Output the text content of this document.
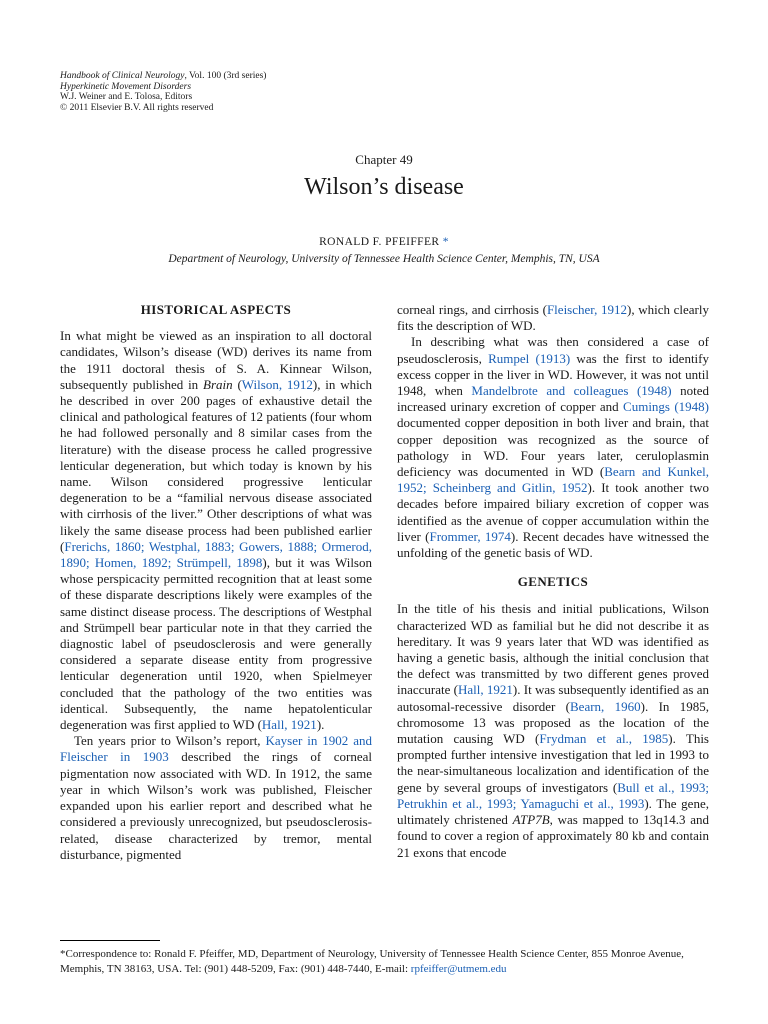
Handbook of Clinical Neurology, Vol. 100 (3rd series)
Hyperkinetic Movement Disorders
W.J. Weiner and E. Tolosa, Editors
© 2011 Elsevier B.V. All rights reserved
Chapter 49
Wilson’s disease
RONALD F. PFEIFFER *
Department of Neurology, University of Tennessee Health Science Center, Memphis, TN, USA
HISTORICAL ASPECTS

In what might be viewed as an inspiration to all doctoral candidates, Wilson’s disease (WD) derives its name from the 1911 doctoral thesis of S. A. Kinnear Wilson, subsequently published in Brain (Wilson, 1912), in which he described in over 200 pages of exhaustive detail the clinical and pathological features of 12 patients (four whom he had followed personally and 8 similar cases from the literature) with the disease process he called progressive lenticular degeneration, but which today is known by his name. Wilson considered progressive lenticular degeneration to be a “familial nervous disease associated with cirrhosis of the liver.” Other descriptions of what was likely the same disease process had been published earlier (Frerichs, 1860; Westphal, 1883; Gowers, 1888; Ormerod, 1890; Homen, 1892; Strümpell, 1898), but it was Wilson whose perspicacity permitted recognition that at least some of these disparate descriptions likely were examples of the same distinct disease process. The descriptions of Westphal and Strümpell bear particular note in that they carried the diagnostic label of pseudosclerosis and were generally considered a separate disease entity from progressive lenticular degeneration until 1920, when Spielmeyer concluded that the pathology of the two entities was identical. Subsequently, the name hepatolenticular degeneration was first applied to WD (Hall, 1921).

Ten years prior to Wilson’s report, Kayser in 1902 and Fleischer in 1903 described the rings of corneal pigmentation now associated with WD. In 1912, the same year in which Wilson’s work was published, Fleischer expanded upon his earlier report and described what he considered a previously unrecognized, but pseudosclerosis-related, disease characterized by tremor, mental disturbance, pigmented

corneal rings, and cirrhosis (Fleischer, 1912), which clearly fits the description of WD.

In describing what was then considered a case of pseudosclerosis, Rumpel (1913) was the first to identify excess copper in the liver in WD. However, it was not until 1948, when Mandelbrote and colleagues (1948) noted increased urinary excretion of copper and Cumings (1948) documented copper deposition in both liver and brain, that copper deposition was recognized as the source of pathology in WD. Four years later, ceruloplasmin deficiency was documented in WD (Bearn and Kunkel, 1952; Scheinberg and Gitlin, 1952). It took another two decades before impaired biliary excretion of copper was identified as the avenue of copper accumulation within the liver (Frommer, 1974). Recent decades have witnessed the unfolding of the genetic basis of WD.

GENETICS

In the title of his thesis and initial publications, Wilson characterized WD as familial but he did not describe it as hereditary. It was 9 years later that WD was identified as having a genetic basis, although the initial conclusion that the defect was transmitted by two different genes proved inaccurate (Hall, 1921). It was subsequently identified as an autosomal-recessive disorder (Bearn, 1960). In 1985, chromosome 13 was proposed as the location of the mutation causing WD (Frydman et al., 1985). This prompted further intensive investigation that led in 1993 to the near-simultaneous localization and identification of the gene by several groups of investigators (Bull et al., 1993; Petrukhin et al., 1993; Yamaguchi et al., 1993). The gene, ultimately christened ATP7B, was mapped to 13q14.3 and found to cover a region of approximately 80 kb and contain 21 exons that encode

*Correspondence to: Ronald F. Pfeiffer, MD, Department of Neurology, University of Tennessee Health Science Center, 855 Monroe Avenue, Memphis, TN 38163, USA. Tel: (901) 448-5209, Fax: (901) 448-7440, E-mail: rpfeiffer@utmem.edu
